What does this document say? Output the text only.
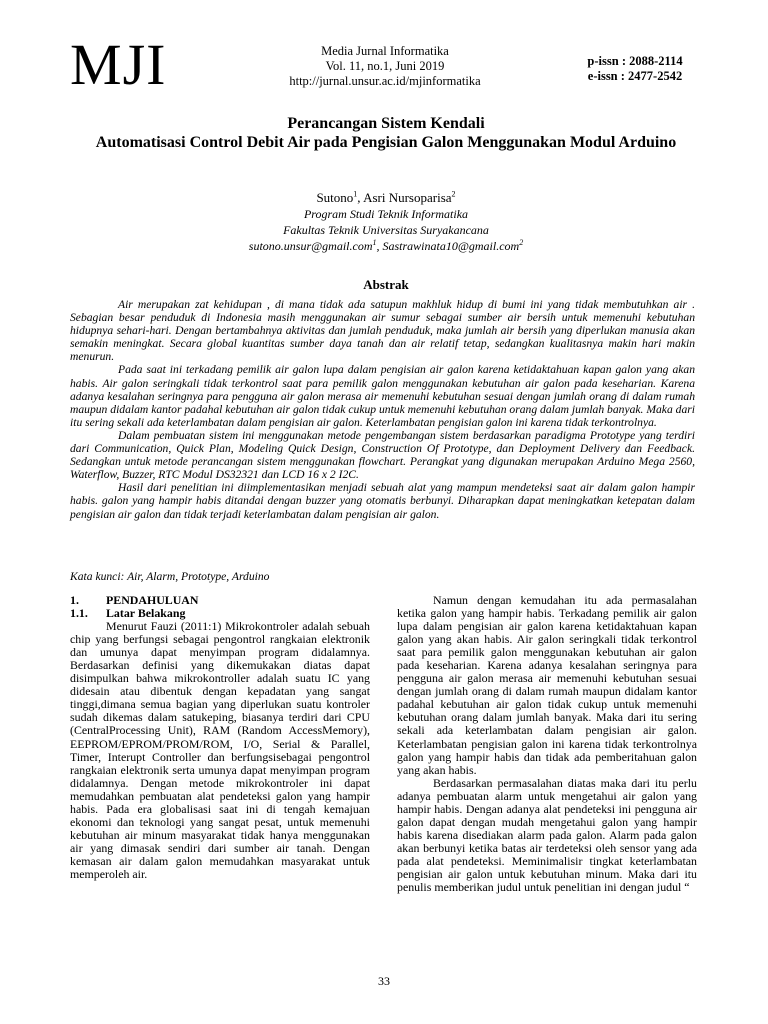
MJI	Media Jurnal Informatika
Vol. 11, no.1, Juni 2019
http://jurnal.unsur.ac.id/mjinformatika
p-issn : 2088-2114
e-issn : 2477-2542
Perancangan Sistem Kendali
Automatisasi Control Debit Air pada Pengisian Galon Menggunakan Modul Arduino
Sutono$^1$, Asri Nursoparisa$^2$
Program Studi Teknik Informatika
Fakultas Teknik Universitas Suryakancana
sutono.unsur@gmail.com$^1$, Sastrawinata10@gmail.com$^2$
Abstrak

Air merupakan zat kehidupan , di mana tidak ada satupun makhluk hidup di bumi ini yang tidak membutuhkan air . Sebagian besar penduduk di Indonesia masih menggunakan air sumur sebagai sumber air bersih untuk memenuhi kebutuhan hidupnya sehari-hari. Dengan bertambahnya aktivitas dan jumlah penduduk, maka jumlah air bersih yang diperlukan manusia akan semakin meningkat. Secara global kuantitas sumber daya tanah dan air relatif tetap, sedangkan kualitasnya makin hari makin menurun.

Pada saat ini terkadang pemilik air galon lupa dalam pengisian air galon karena ketidaktahuan kapan galon yang akan habis. Air galon seringkali tidak terkontrol saat para pemilik galon menggunakan kebutuhan air galon pada keseharian. Karena adanya kesalahan seringnya para pengguna air galon merasa air memenuhi kebutuhan sesuai dengan jumlah orang di dalam rumah maupun didalam kantor padahal kebutuhan air galon tidak cukup untuk memenuhi kebutuhan orang dalam jumlah banyak. Maka dari itu sering sekali ada keterlambatan dalam pengisian air galon. Keterlambatan pengisian galon ini karena tidak terkontrolnya.

Dalam pembuatan sistem ini menggunakan metode pengembangan sistem berdasarkan paradigma Prototype yang terdiri dari Communication, Quick Plan, Modeling Quick Design, Construction Of Prototype, dan Deployment Delivery dan Feedback. Sedangkan untuk metode perancangan sistem menggunakan flowchart. Perangkat yang digunakan merupakan Arduino Mega 2560, Waterflow, Buzzer, RTC Modul DS32321 dan LCD 16 x 2 I2C.

Hasil dari penelitian ini diimplementasikan menjadi sebuah alat yang mampun mendeteksi saat air dalam galon hampir habis. galon yang hampir habis ditandai dengan buzzer yang otomatis berbunyi. Diharapkan dapat meningkatkan ketepatan dalam pengisian air galon dan tidak terjadi keterlambatan dalam pengisian air galon.

Kata kunci: Air, Alarm, Prototype, Arduino
1.	PENDAHULUAN
1.1.	Latar Belakang

Menurut Fauzi (2011:1) Mikrokontroler adalah sebuah chip yang berfungsi sebagai pengontrol rangkaian elektronik dan umunya dapat menyimpan program didalamnya. Berdasarkan definisi yang dikemukakan diatas dapat disimpulkan bahwa mikrokontroller adalah suatu IC yang didesain atau dibentuk dengan kepadatan yang sangat tinggi,dimana semua bagian yang diperlukan suatu kontroler sudah dikemas dalam satukeping, biasanya terdiri dari CPU (CentralProcessing Unit), RAM (Random AccessMemory), EEPROM/EPROM/PROM/ROM, I/O, Serial & Parallel, Timer, Interupt Controller dan berfungsisebagai pengontrol rangkaian elektronik serta umunya dapat menyimpan program didalamnya. Dengan metode mikrokontroler ini dapat memudahkan pembuatan alat pendeteksi galon yang hampir habis. Pada era globalisasi saat ini di tengah kemajuan ekonomi dan teknologi yang sangat pesat, untuk memenuhi kebutuhan air minum masyarakat tidak hanya menggunakan air yang dimasak sendiri dari sumber air tanah. Dengan kemasan air dalam galon memudahkan masyarakat untuk memperoleh air.

Namun dengan kemudahan itu ada permasalahan ketika galon yang hampir habis. Terkadang pemilik air galon lupa dalam pengisian air galon karena ketidaktahuan kapan galon yang akan habis. Air galon seringkali tidak terkontrol saat para pemilik galon menggunakan kebutuhan air galon pada keseharian. Karena adanya kesalahan seringnya para pengguna air galon merasa air memenuhi kebutuhan sesuai dengan jumlah orang di dalam rumah maupun didalam kantor padahal kebutuhan air galon tidak cukup untuk memenuhi kebutuhan orang dalam jumlah banyak. Maka dari itu sering sekali ada keterlambatan dalam pengisian air galon. Keterlambatan pengisian galon ini karena tidak terkontrolnya galon yang hampir habis dan tidak ada pemberitahuan galon yang akan habis.

Berdasarkan permasalahan diatas maka dari itu perlu adanya pembuatan alarm untuk mengetahui air galon yang hampir habis. Dengan adanya alat pendeteksi ini pengguna air galon dapat dengan mudah mengetahui galon yang hampir habis karena disediakan alarm pada galon. Alarm pada galon akan berbunyi ketika batas air terdeteksi oleh sensor yang ada pada alat pendeteksi. Meminimalisir tingkat keterlambatan pengisian air galon untuk kebutuhan minum. Maka dari itu penulis memberikan judul untuk penelitian ini dengan judul “

33
